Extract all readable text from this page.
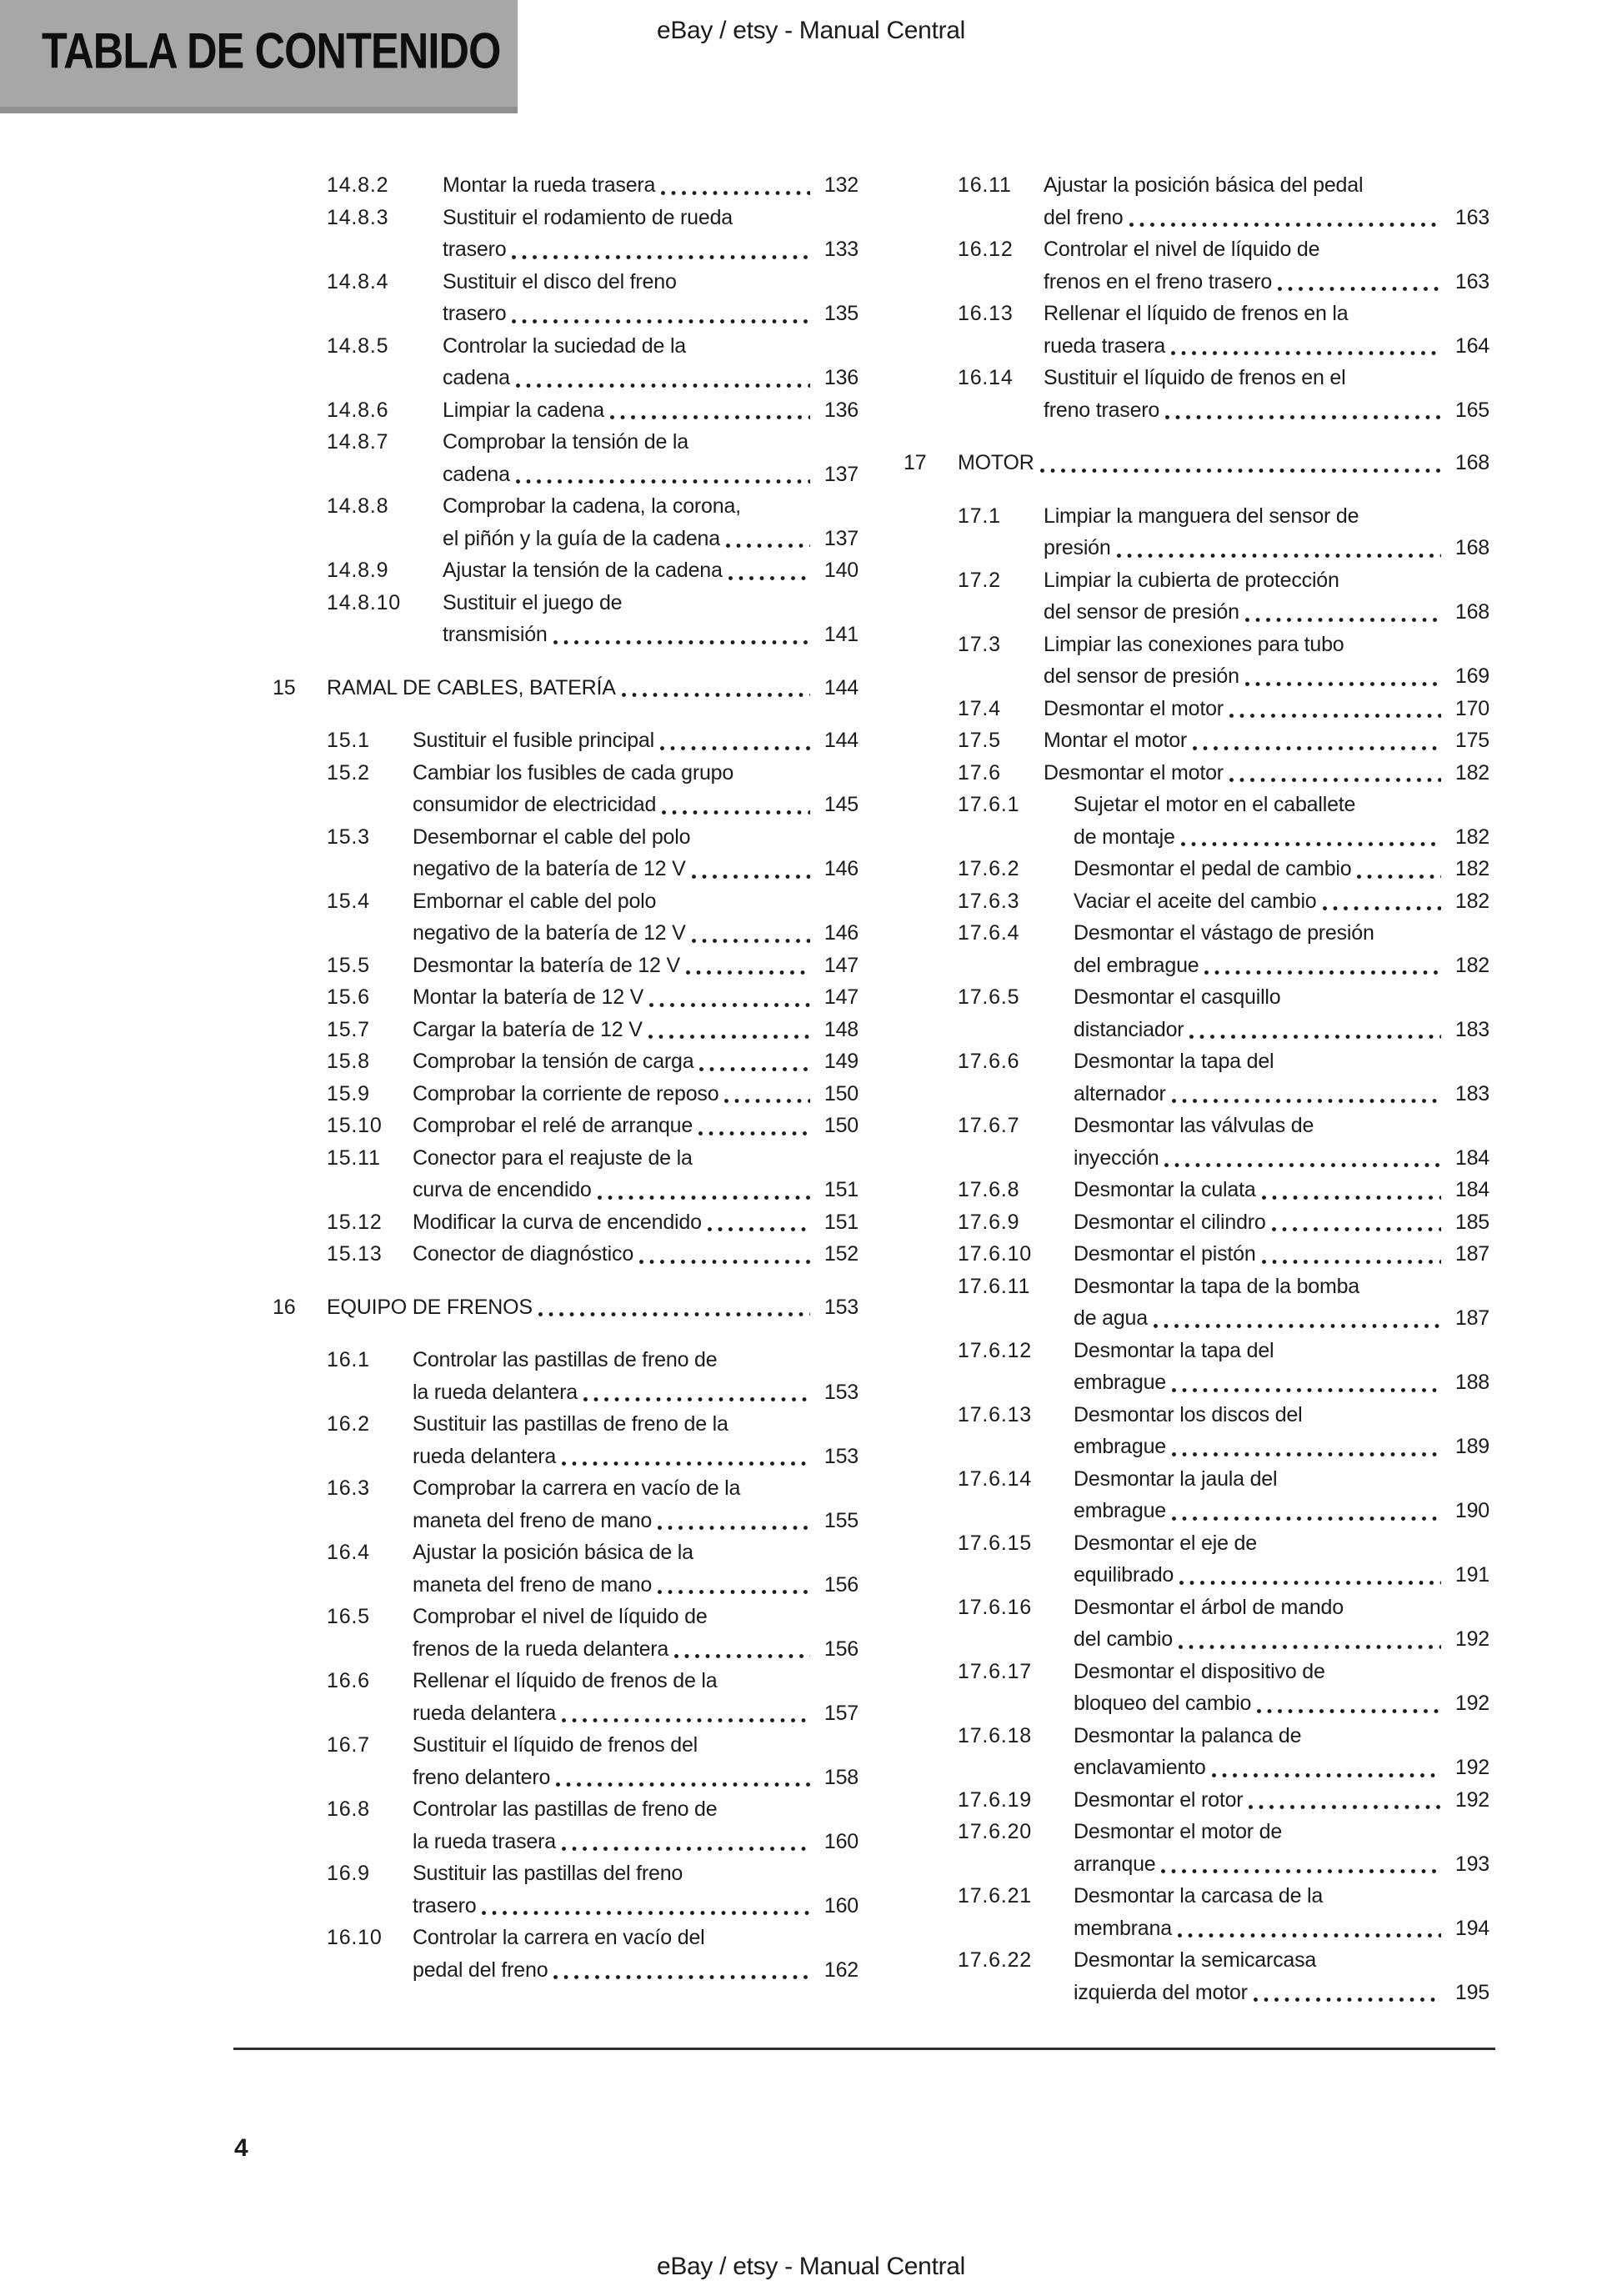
TABLA DE CONTENIDO	eBay / etsy - Manual Central
14.8.2	Montar la rueda trasera	132
14.8.3	Sustituir el rodamiento de rueda
trasero	133
14.8.4	Sustituir el disco del freno
trasero	135
14.8.5	Controlar la suciedad de la
cadena	136
14.8.6	Limpiar la cadena	136
14.8.7	Comprobar la tensión de la
cadena	137
14.8.8	Comprobar la cadena, la corona,
el piñón y la guía de la cadena	137
14.8.9	Ajustar la tensión de la cadena	140
14.8.10	Sustituir el juego de
transmisión	141
15	RAMAL DE CABLES, BATERÍA	144
15.1	Sustituir el fusible principal	144
15.2	Cambiar los fusibles de cada grupo
consumidor de electricidad	145
15.3	Desembornar el cable del polo
negativo de la batería de 12 V	146
15.4	Embornar el cable del polo
negativo de la batería de 12 V	146
15.5	Desmontar la batería de 12 V	147
15.6	Montar la batería de 12 V	147
15.7	Cargar la batería de 12 V	148
15.8	Comprobar la tensión de carga	149
15.9	Comprobar la corriente de reposo	150
15.10	Comprobar el relé de arranque	150
15.11	Conector para el reajuste de la
curva de encendido	151
15.12	Modificar la curva de encendido	151
15.13	Conector de diagnóstico	152
16	EQUIPO DE FRENOS	153
16.1	Controlar las pastillas de freno de
la rueda delantera	153
16.2	Sustituir las pastillas de freno de la
rueda delantera	153
16.3	Comprobar la carrera en vacío de la
maneta del freno de mano	155
16.4	Ajustar la posición básica de la
maneta del freno de mano	156
16.5	Comprobar el nivel de líquido de
frenos de la rueda delantera	156
16.6	Rellenar el líquido de frenos de la
rueda delantera	157
16.7	Sustituir el líquido de frenos del
freno delantero	158
16.8	Controlar las pastillas de freno de
la rueda trasera	160
16.9	Sustituir las pastillas del freno
trasero	160
16.10	Controlar la carrera en vacío del
pedal del freno	162
16.11	Ajustar la posición básica del pedal
del freno	163
16.12	Controlar el nivel de líquido de
frenos en el freno trasero	163
16.13	Rellenar el líquido de frenos en la
rueda trasera	164
16.14	Sustituir el líquido de frenos en el
freno trasero	165
17	MOTOR	168
17.1	Limpiar la manguera del sensor de
presión	168
17.2	Limpiar la cubierta de protección
del sensor de presión	168
17.3	Limpiar las conexiones para tubo
del sensor de presión	169
17.4	Desmontar el motor	170
17.5	Montar el motor	175
17.6	Desmontar el motor	182
17.6.1	Sujetar el motor en el caballete
de montaje	182
17.6.2	Desmontar el pedal de cambio	182
17.6.3	Vaciar el aceite del cambio	182
17.6.4	Desmontar el vástago de presión
del embrague	182
17.6.5	Desmontar el casquillo
distanciador	183
17.6.6	Desmontar la tapa del
alternador	183
17.6.7	Desmontar las válvulas de
inyección	184
17.6.8	Desmontar la culata	184
17.6.9	Desmontar el cilindro	185
17.6.10	Desmontar el pistón	187
17.6.11	Desmontar la tapa de la bomba
de agua	187
17.6.12	Desmontar la tapa del
embrague	188
17.6.13	Desmontar los discos del
embrague	189
17.6.14	Desmontar la jaula del
embrague	190
17.6.15	Desmontar el eje de
equilibrado	191
17.6.16	Desmontar el árbol de mando
del cambio	192
17.6.17	Desmontar el dispositivo de
bloqueo del cambio	192
17.6.18	Desmontar la palanca de
enclavamiento	192
17.6.19	Desmontar el rotor	192
17.6.20	Desmontar el motor de
arranque	193
17.6.21	Desmontar la carcasa de la
membrana	194
17.6.22	Desmontar la semicarcasa
izquierda del motor	195
4
eBay / etsy - Manual Central
